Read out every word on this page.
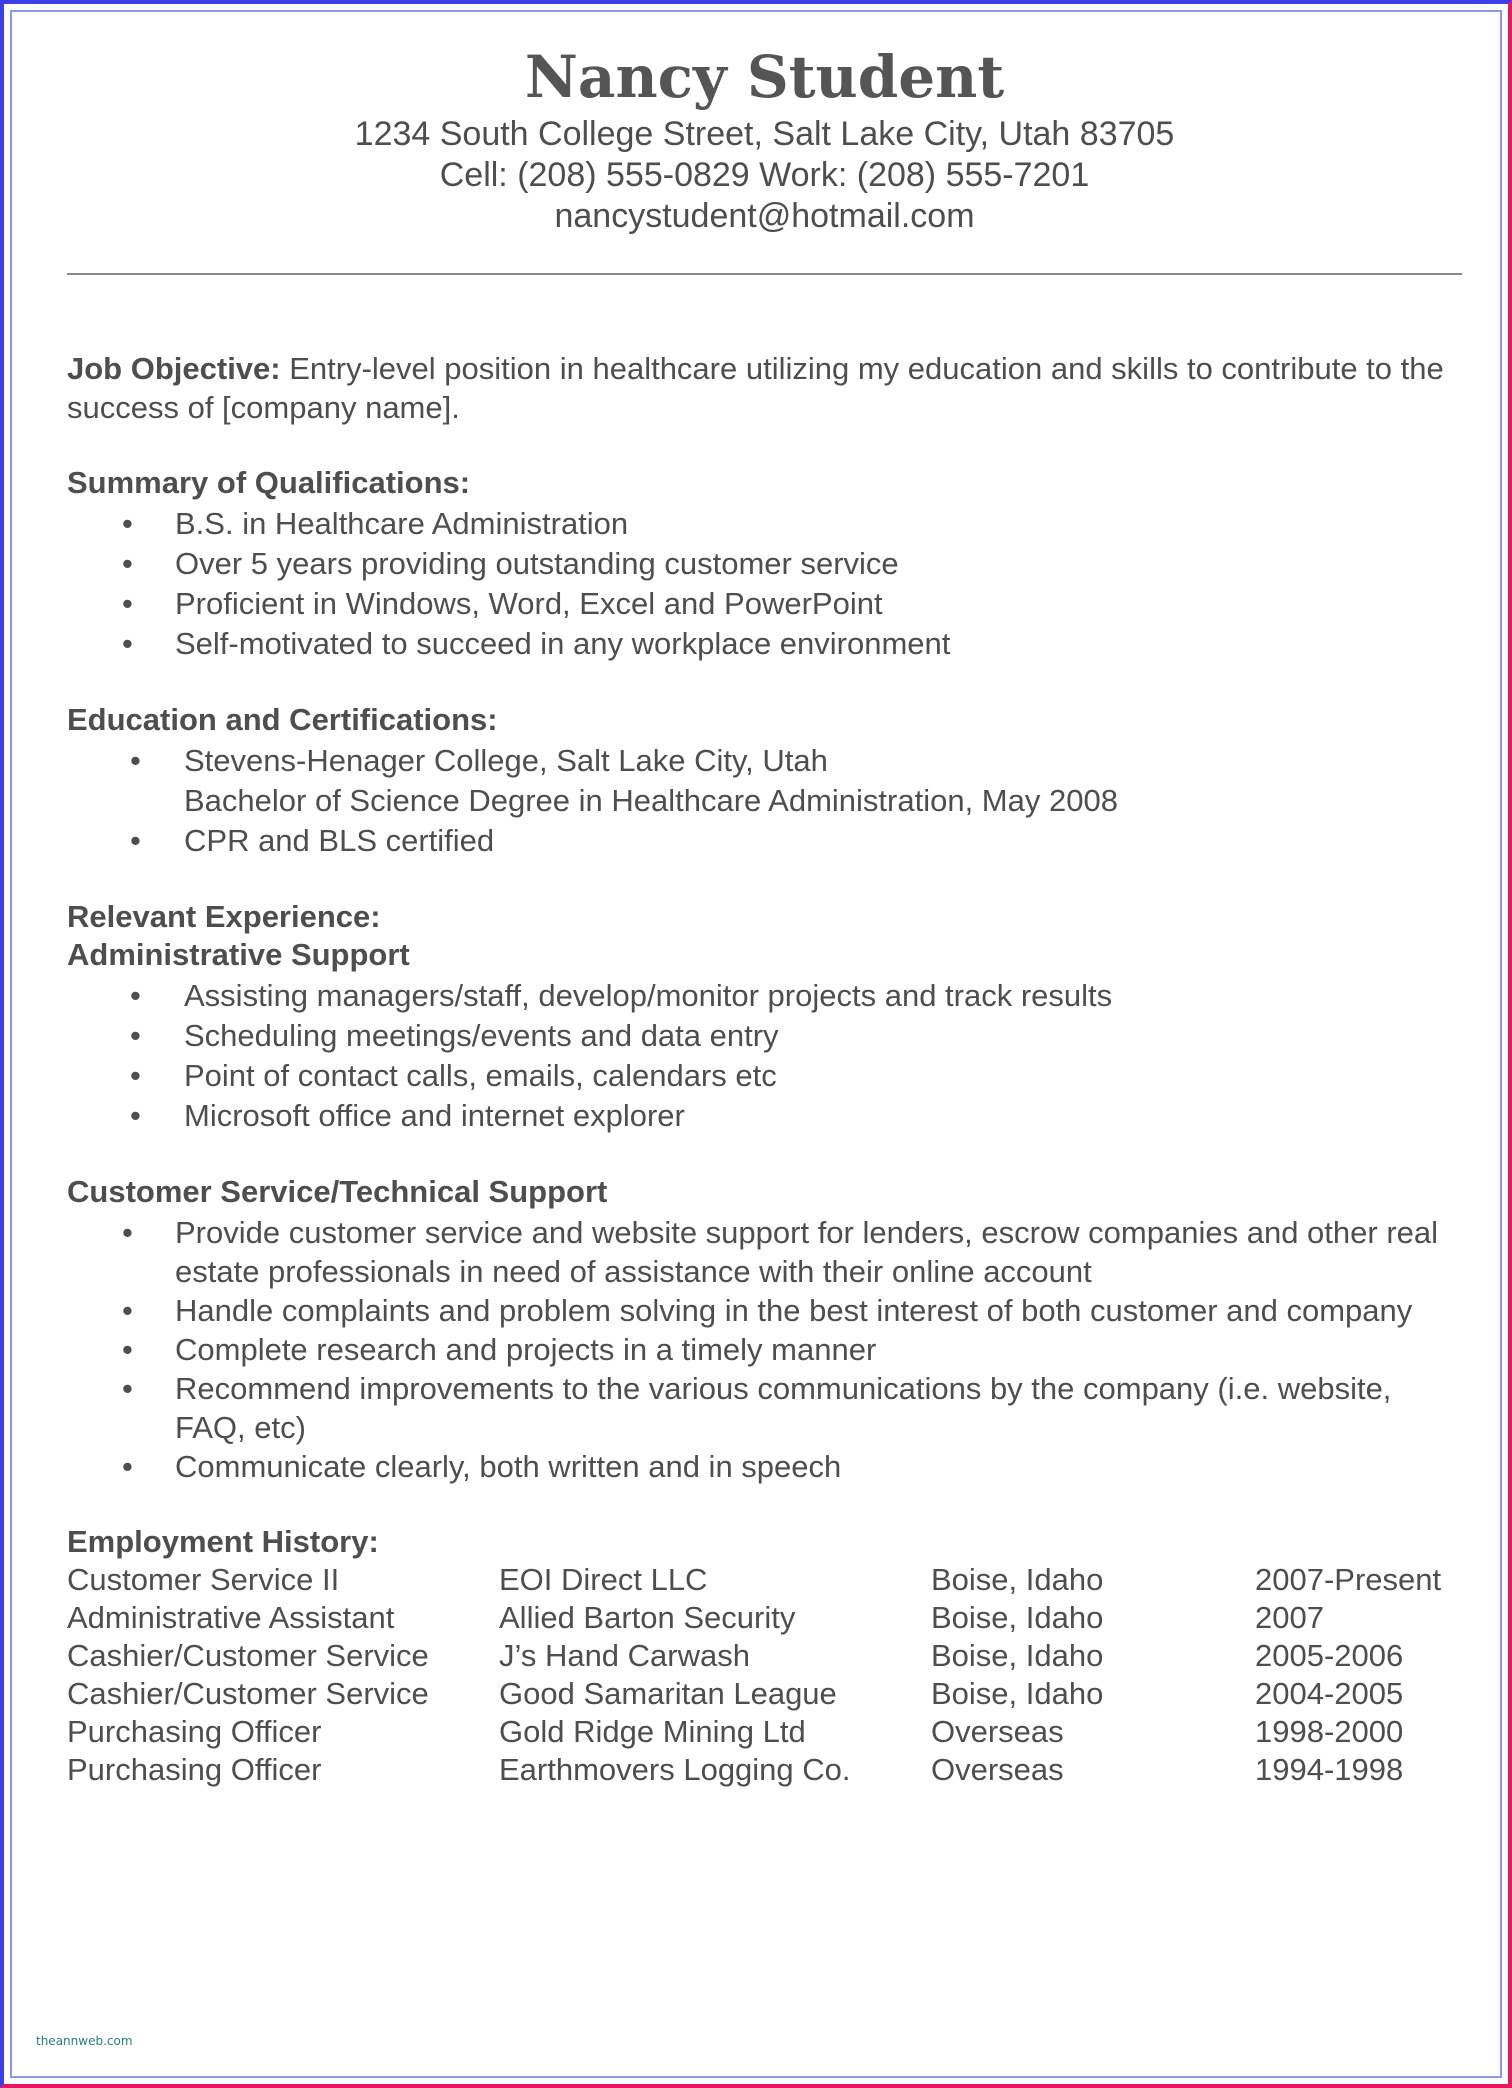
Nancy Student
1234 South College Street, Salt Lake City, Utah 83705
Cell: (208) 555-0829 Work: (208) 555-7201
nancystudent@hotmail.com
Job Objective: Entry-level position in healthcare utilizing my education and skills to contribute to the success of [company name].
Summary of Qualifications:
• B.S. in Healthcare Administration
• Over 5 years providing outstanding customer service
• Proficient in Windows, Word, Excel and PowerPoint
• Self-motivated to succeed in any workplace environment
Education and Certifications:
• Stevens-Henager College, Salt Lake City, Utah
Bachelor of Science Degree in Healthcare Administration, May 2008
• CPR and BLS certified
Relevant Experience:
Administrative Support
• Assisting managers/staff, develop/monitor projects and track results
• Scheduling meetings/events and data entry
• Point of contact calls, emails, calendars etc
• Microsoft office and internet explorer
Customer Service/Technical Support
• Provide customer service and website support for lenders, escrow companies and other real estate professionals in need of assistance with their online account
• Handle complaints and problem solving in the best interest of both customer and company
• Complete research and projects in a timely manner
• Recommend improvements to the various communications by the company (i.e. website, FAQ, etc)
• Communicate clearly, both written and in speech
Employment History:
Customer Service II	EOI Direct LLC	Boise, Idaho	2007-Present
Administrative Assistant	Allied Barton Security	Boise, Idaho	2007
Cashier/Customer Service	J’s Hand Carwash	Boise, Idaho	2005-2006
Cashier/Customer Service	Good Samaritan League	Boise, Idaho	2004-2005
Purchasing Officer	Gold Ridge Mining Ltd	Overseas	1998-2000
Purchasing Officer	Earthmovers Logging Co.	Overseas	1994-1998
theannweb.com
